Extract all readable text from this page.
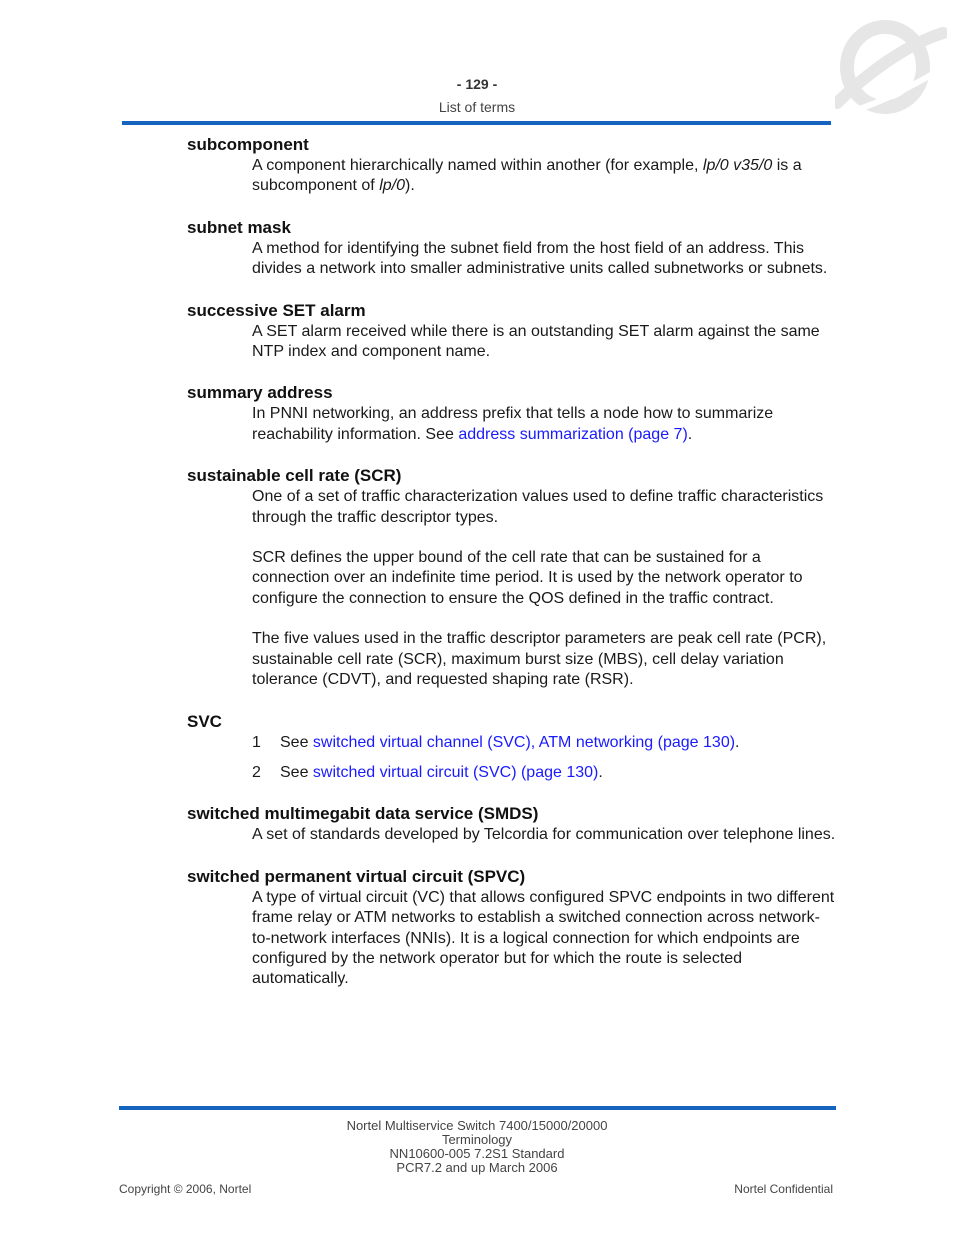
- 129 -
List of terms
subcomponent

A component hierarchically named within another (for example, lp/0 v35/0 is a subcomponent of lp/0).

subnet mask

A method for identifying the subnet field from the host field of an address. This divides a network into smaller administrative units called subnetworks or subnets.

successive SET alarm

A SET alarm received while there is an outstanding SET alarm against the same NTP index and component name.

summary address

In PNNI networking, an address prefix that tells a node how to summarize reachability information. See address summarization (page 7).

sustainable cell rate (SCR)

One of a set of traffic characterization values used to define traffic characteristics through the traffic descriptor types.

SCR defines the upper bound of the cell rate that can be sustained for a connection over an indefinite time period. It is used by the network operator to configure the connection to ensure the QOS defined in the traffic contract.

The five values used in the traffic descriptor parameters are peak cell rate (PCR), sustainable cell rate (SCR), maximum burst size (MBS), cell delay variation tolerance (CDVT), and requested shaping rate (RSR).

SVC
1	See switched virtual channel (SVC), ATM networking (page 130).
2	See switched virtual circuit (SVC) (page 130).
switched multimegabit data service (SMDS)

A set of standards developed by Telcordia for communication over telephone lines.

switched permanent virtual circuit (SPVC)

A type of virtual circuit (VC) that allows configured SPVC endpoints in two different frame relay or ATM networks to establish a switched connection across network-to-network interfaces (NNIs). It is a logical connection for which endpoints are configured by the network operator but for which the route is selected automatically.

Nortel Multiservice Switch 7400/15000/20000
Terminology
NN10600-005 7.2S1 Standard
PCR7.2 and up March 2006
Copyright © 2006, Nortel	Nortel Confidential
